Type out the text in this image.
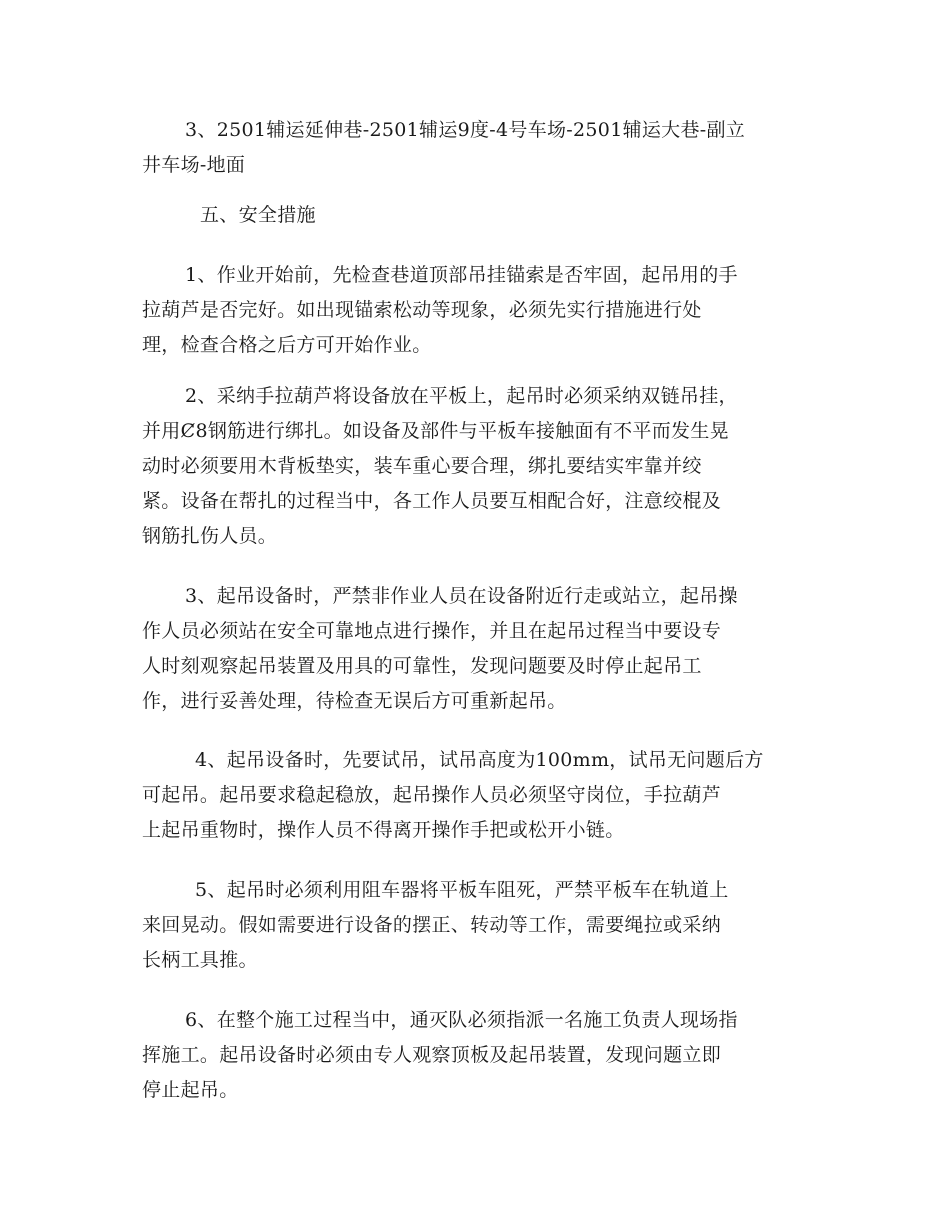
3、2501辅运延伸巷-2501辅运9度-4号车场-2501辅运大巷-副立
井车场-地面
五、安全措施
1、作业开始前，先检查巷道顶部吊挂锚索是否牢固，起吊用的手
拉葫芦是否完好。如出现锚索松动等现象，必须先实行措施进行处
理，检查合格之后方可开始作业。
2、采纳手拉葫芦将设备放在平板上，起吊时必须采纳双链吊挂，
并用Ȼ8钢筋进行绑扎。如设备及部件与平板车接触面有不平而发生晃
动时必须要用木背板垫实，装车重心要合理，绑扎要结实牢靠并绞
紧。设备在帮扎的过程当中，各工作人员要互相配合好，注意绞棍及
钢筋扎伤人员。
3、起吊设备时，严禁非作业人员在设备附近行走或站立，起吊操
作人员必须站在安全可靠地点进行操作，并且在起吊过程当中要设专
人时刻观察起吊装置及用具的可靠性，发现问题要及时停止起吊工
作，进行妥善处理，待检查无误后方可重新起吊。
4、起吊设备时，先要试吊，试吊高度为100mm，试吊无问题后方
可起吊。起吊要求稳起稳放，起吊操作人员必须坚守岗位，手拉葫芦
上起吊重物时，操作人员不得离开操作手把或松开小链。
5、起吊时必须利用阻车器将平板车阻死，严禁平板车在轨道上
来回晃动。假如需要进行设备的摆正、转动等工作，需要绳拉或采纳
长柄工具推。
6、在整个施工过程当中，通灭队必须指派一名施工负责人现场指
挥施工。起吊设备时必须由专人观察顶板及起吊装置，发现问题立即
停止起吊。
